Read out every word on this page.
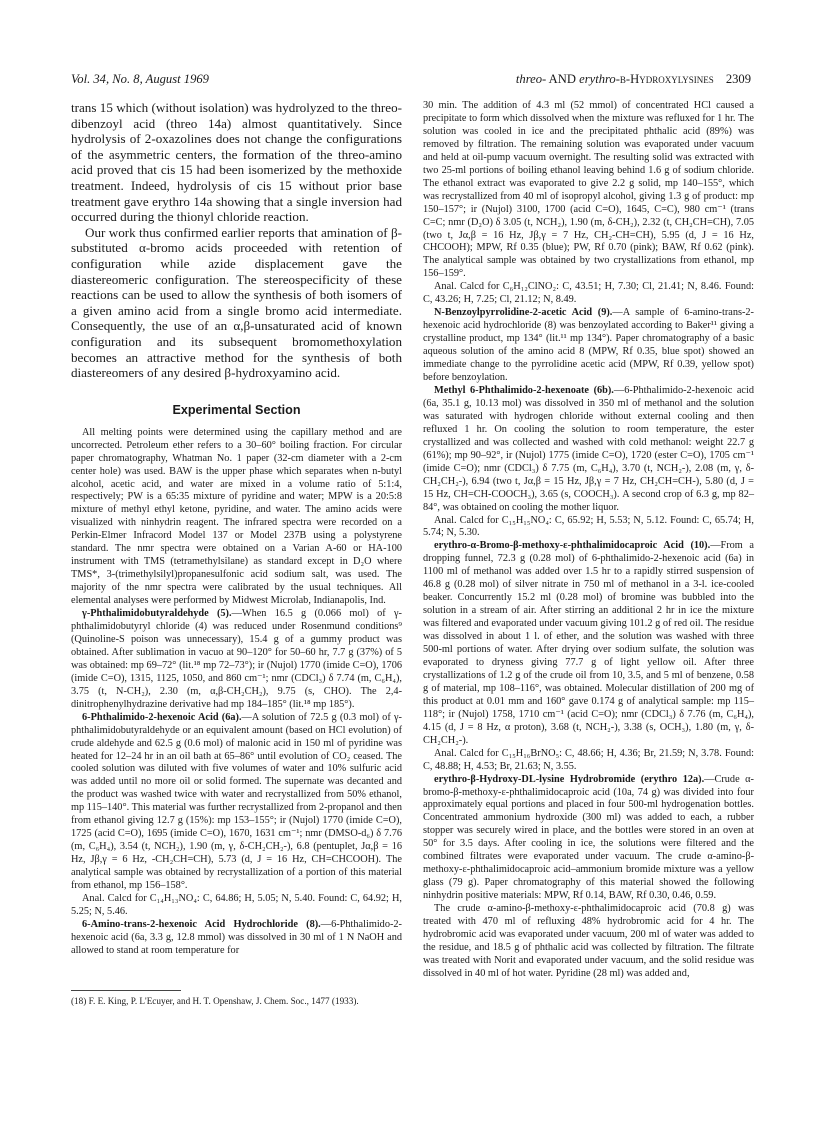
Vol. 34, No. 8, August 1969	threo- AND erythro-β-Hydroxylysines 2309

trans 15 which (without isolation) was hydrolyzed to the threo-dibenzoyl acid (threo 14a) almost quantitatively. Since hydrolysis of 2-oxazolines does not change the configurations of the asymmetric centers, the formation of the threo-amino acid proved that cis 15 had been isomerized by the methoxide treatment. Indeed, hydrolysis of cis 15 without prior base treatment gave erythro 14a showing that a single inversion had occurred during the thionyl chloride reaction.

Our work thus confirmed earlier reports that amination of β-substituted α-bromo acids proceeded with retention of configuration while azide displacement gave the diastereomeric configuration. The stereospecificity of these reactions can be used to allow the synthesis of both isomers of a given amino acid from a single bromo acid intermediate. Consequently, the use of an α,β-unsaturated acid of known configuration and its subsequent bromomethoxylation becomes an attractive method for the synthesis of both diastereomers of any desired β-hydroxyamino acid.

Experimental Section

All melting points were determined using the capillary method and are uncorrected. Petroleum ether refers to a 30–60° boiling fraction. For circular paper chromatography, Whatman No. 1 paper (32-cm diameter with a 2-cm center hole) was used. BAW is the upper phase which separates when n-butyl alcohol, acetic acid, and water are mixed in a volume ratio of 5:1:4, respectively; PW is a 65:35 mixture of pyridine and water; MPW is a 20:5:8 mixture of methyl ethyl ketone, pyridine, and water. The amino acids were visualized with ninhydrin reagent. The infrared spectra were recorded on a Perkin-Elmer Infracord Model 137 or Model 237B using a polystyrene standard. The nmr spectra were obtained on a Varian A-60 or HA-100 instrument with TMS (tetramethylsilane) as standard except in D₂O where TMS*, 3-(trimethylsilyl)propanesulfonic acid sodium salt, was used. The majority of the nmr spectra were calibrated by the usual techniques. All elemental analyses were performed by Midwest Microlab, Indianapolis, Ind.

γ-Phthalimidobutyraldehyde (5).—When 16.5 g (0.066 mol) of γ-phthalimidobutyryl chloride (4) was reduced under Rosenmund conditions⁹ (Quinoline-S poison was unnecessary), 15.4 g of a gummy product was obtained. After sublimation in vacuo at 90–120° for 50–60 hr, 7.7 g (37%) of 5 was obtained: mp 69–72° (lit.¹⁸ mp 72–73°); ir (Nujol) 1770 (imide C=O), 1706 (imide C=O), 1315, 1125, 1050, and 860 cm⁻¹; nmr (CDCl₃) δ 7.74 (m, C₆H₄), 3.75 (t, N-CH₂), 2.30 (m, α,β-CH₂CH₂), 9.75 (s, CHO). The 2,4-dinitrophenylhydrazine derivative had mp 184–185° (lit.¹⁸ mp 185°).

6-Phthalimido-2-hexenoic Acid (6a).—A solution of 72.5 g (0.3 mol) of γ-phthalimidobutyraldehyde or an equivalent amount (based on HCl evolution) of crude aldehyde and 62.5 g (0.6 mol) of malonic acid in 150 ml of pyridine was heated for 12–24 hr in an oil bath at 65–86° until evolution of CO₂ ceased. The cooled solution was diluted with five volumes of water and 10% sulfuric acid was added until no more oil or solid formed. The supernate was decanted and the product was washed twice with water and recrystallized from 50% ethanol, mp 115–140°. This material was further recrystallized from 2-propanol and then from ethanol giving 12.7 g (15%): mp 153–155°; ir (Nujol) 1770 (imide C=O), 1725 (acid C=O), 1695 (imide C=O), 1670, 1631 cm⁻¹; nmr (DMSO-d₆) δ 7.76 (m, C₆H₄), 3.54 (t, NCH₂), 1.90 (m, γ, δ-CH₂CH₂-), 6.8 (pentuplet, Jα,β = 16 Hz, Jβ,γ = 6 Hz, -CH₂CH=CH), 5.73 (d, J = 16 Hz, CH=CHCOOH). The analytical sample was obtained by recrystallization of a portion of this material from ethanol, mp 156–158°.

Anal. Calcd for C₁₄H₁₃NO₄: C, 64.86; H, 5.05; N, 5.40. Found: C, 64.92; H, 5.25; N, 5.46.

6-Amino-trans-2-hexenoic Acid Hydrochloride (8).—6-Phthalimido-2-hexenoic acid (6a, 3.3 g, 12.8 mmol) was dissolved in 30 ml of 1 N NaOH and allowed to stand at room temperature for

(18) F. E. King, P. L'Ecuyer, and H. T. Openshaw, J. Chem. Soc., 1477 (1933).

30 min. The addition of 4.3 ml (52 mmol) of concentrated HCl caused a precipitate to form which dissolved when the mixture was refluxed for 1 hr. The solution was cooled in ice and the precipitated phthalic acid (89%) was removed by filtration. The remaining solution was evaporated under vacuum and held at oil-pump vacuum overnight. The resulting solid was extracted with two 25-ml portions of boiling ethanol leaving behind 1.6 g of sodium chloride. The ethanol extract was evaporated to give 2.2 g solid, mp 140–155°, which was recrystallized from 40 ml of isopropyl alcohol, giving 1.3 g of product: mp 150–157°; ir (Nujol) 3100, 1700 (acid C=O), 1645, C=C), 980 cm⁻¹ (trans C=C; nmr (D₂O) δ 3.05 (t, NCH₂), 1.90 (m, δ-CH₂), 2.32 (t, CH₂CH=CH), 7.05 (two t, Jα,β = 16 Hz, Jβ,γ = 7 Hz, CH₂-CH=CH), 5.95 (d, J = 16 Hz, CHCOOH); MPW, Rf 0.35 (blue); PW, Rf 0.70 (pink); BAW, Rf 0.62 (pink). The analytical sample was obtained by two crystallizations from ethanol, mp 156–159°.

Anal. Calcd for C₆H₁₂ClNO₂: C, 43.51; H, 7.30; Cl, 21.41; N, 8.46. Found: C, 43.26; H, 7.25; Cl, 21.12; N, 8.49.

N-Benzoylpyrrolidine-2-acetic Acid (9).—A sample of 6-amino-trans-2-hexenoic acid hydrochloride (8) was benzoylated according to Baker¹¹ giving a crystalline product, mp 134° (lit.¹¹ mp 134°). Paper chromatography of a basic aqueous solution of the amino acid 8 (MPW, Rf 0.35, blue spot) showed an immediate change to the pyrrolidine acetic acid (MPW, Rf 0.39, yellow spot) before benzoylation.

Methyl 6-Phthalimido-2-hexenoate (6b).—6-Phthalimido-2-hexenoic acid (6a, 35.1 g, 10.13 mol) was dissolved in 350 ml of methanol and the solution was saturated with hydrogen chloride without external cooling and then refluxed 1 hr. On cooling the solution to room temperature, the ester crystallized and was collected and washed with cold methanol: weight 22.7 g (61%); mp 90–92°, ir (Nujol) 1775 (imide C=O), 1720 (ester C=O), 1705 cm⁻¹ (imide C=O); nmr (CDCl₃) δ 7.75 (m, C₆H₄), 3.70 (t, NCH₂-), 2.08 (m, γ, δ-CH₂CH₂-), 6.94 (two t, Jα,β = 15 Hz, Jβ,γ = 7 Hz, CH₂CH=CH-), 5.80 (d, J = 15 Hz, CH=CH-COOCH₃), 3.65 (s, COOCH₃). A second crop of 6.3 g, mp 82–84°, was obtained on cooling the mother liquor.

Anal. Calcd for C₁₅H₁₅NO₄: C, 65.92; H, 5.53; N, 5.12. Found: C, 65.74; H, 5.74; N, 5.30.

erythro-α-Bromo-β-methoxy-ε-phthalimidocaproic Acid (10).—From a dropping funnel, 72.3 g (0.28 mol) of 6-phthalimido-2-hexenoic acid (6a) in 1100 ml of methanol was added over 1.5 hr to a rapidly stirred suspension of 46.8 g (0.28 mol) of silver nitrate in 750 ml of methanol in a 3-l. ice-cooled beaker. Concurrently 15.2 ml (0.28 mol) of bromine was bubbled into the solution in a stream of air. After stirring an additional 2 hr in ice the mixture was filtered and evaporated under vacuum giving 101.2 g of red oil. The residue was dissolved in about 1 l. of ether, and the solution was washed with three 500-ml portions of water. After drying over sodium sulfate, the solution was evaporated to dryness giving 77.7 g of light yellow oil. After three crystallizations of 1.2 g of the crude oil from 10, 3.5, and 5 ml of benzene, 0.58 g of material, mp 108–116°, was obtained. Molecular distillation of 200 mg of this product at 0.01 mm and 160° gave 0.174 g of analytical sample: mp 115–118°; ir (Nujol) 1758, 1710 cm⁻¹ (acid C=O); nmr (CDCl₃) δ 7.76 (m, C₆H₄), 4.15 (d, J = 8 Hz, α proton), 3.68 (t, NCH₂-), 3.38 (s, OCH₃), 1.80 (m, γ, δ-CH₂CH₂-).

Anal. Calcd for C₁₅H₁₆BrNO₅: C, 48.66; H, 4.36; Br, 21.59; N, 3.78. Found: C, 48.88; H, 4.53; Br, 21.63; N, 3.55.

erythro-β-Hydroxy-DL-lysine Hydrobromide (erythro 12a).—Crude α-bromo-β-methoxy-ε-phthalimidocaproic acid (10a, 74 g) was divided into four approximately equal portions and placed in four 500-ml hydrogenation bottles. Concentrated ammonium hydroxide (300 ml) was added to each, a rubber stopper was securely wired in place, and the bottles were stored in an oven at 50° for 3.5 days. After cooling in ice, the solutions were filtered and the combined filtrates were evaporated under vacuum. The crude α-amino-β-methoxy-ε-phthalimidocaproic acid–ammonium bromide mixture was a yellow glass (79 g). Paper chromatography of this material showed the following ninhydrin positive materials: MPW, Rf 0.14, BAW, Rf 0.30, 0.46, 0.59.

The crude α-amino-β-methoxy-ε-phthalimidocaproic acid (70.8 g) was treated with 470 ml of refluxing 48% hydrobromic acid for 4 hr. The hydrobromic acid was evaporated under vacuum, 200 ml of water was added to the residue, and 18.5 g of phthalic acid was collected by filtration. The filtrate was treated with Norit and evaporated under vacuum, and the solid residue was dissolved in 40 ml of hot water. Pyridine (28 ml) was added and,
